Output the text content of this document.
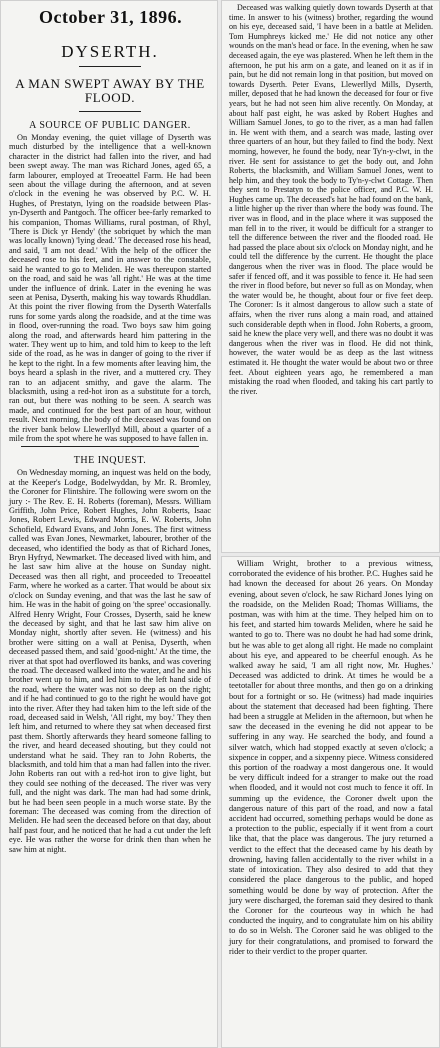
October 31, 1896.
DYSERTH.
A MAN SWEPT AWAY BY THE FLOOD.
A SOURCE OF PUBLIC DANGER.

On Monday evening, the quiet village of Dyserth was much disturbed by the intelligence that a well-known character in the district had fallen into the river, and had been swept away. The man was Richard Jones, aged 65, a farm labourer, employed at Treoeattel Farm. He had been seen about the village during the afternoon, and at seven o'clock in the evening he was observed by P.C. W. H. Hughes, of Prestatyn, lying on the roadside between Plas-yn-Dyserth and Pantgoch. The officer bee-farly remarked to his companion, Thomas Williams, rural postman, of Rhyl, 'There is Dick yr Hendy' (the sobriquet by which the man was locally known) 'lying dead.' The deceased rose his head, and said, 'I am not dead.' With the help of the officer the deceased rose to his feet, and in answer to the constable, said he wanted to go to Meliden. He was thereupon started on the road, and said he was 'all right.' He was at the time under the influence of drink. Later in the evening he was seen at Penisa, Dyserth, making his way towards Rhuddlan. At this point the river flowing from the Dyserth Waterfalls runs for some yards along the roadside, and at the time was in flood, over-running the road. Two boys saw him going along the road, and afterwards heard him pattering in the water. They went up to him, and told him to keep to the left side of the road, as he was in danger of going to the river if he kept to the right. In a few moments after leaving him, the boys heard a splash in the river, and a muttered cry. They ran to an adjacent smithy, and gave the alarm. The blacksmith, using a red-hot iron as a substitute for a torch, ran out, but there was nothing to be seen. A search was made, and continued for the best part of an hour, without result. Next morning, the body of the deceased was found on the river bank below Llewerllyd Mill, about a quarter of a mile from the spot where he was supposed to have fallen in.

THE INQUEST.

On Wednesday morning, an inquest was held on the body, at the Keeper's Lodge, Bodelwyddan, by Mr. R. Bromley, the Coroner for Flintshire. The following were sworn on the jury :- The Rev. E. H. Roberts (foreman), Messrs. William Griffith, John Price, Robert Hughes, John Roberts, Isaac Jones, Robert Lewis, Edward Morris, E. W. Roberts, John Schofield, Edward Evans, and John Jones. The first witness called was Evan Jones, Newmarket, labourer, brother of the deceased, who identified the body as that of Richard Jones, Bryn Hyfryd, Newmarket. The deceased lived with him, and he last saw him alive at the house on Sunday night. Deceased was then all right, and proceeded to Treoeattel Farm, where he worked as a carter. That would be about six o'clock on Sunday evening, and that was the last he saw of him. He was in the habit of going on 'the spree' occasionally. Alfred Henry Wright, Four Crosses, Dyserth, said he knew the deceased by sight, and that he last saw him alive on Monday night, shortly after seven. He (witness) and his brother were sitting on a wall at Penisa, Dyserth, when deceased passed them, and said 'good-night.' At the time, the river at that spot had overflowed its banks, and was covering the road. The deceased walked into the water, and he and his brother went up to him, and led him to the left hand side of the road, where the water was not so deep as on the right; and if he had continued to go to the right he would have got into the river. After they had taken him to the left side of the road, deceased said in Welsh, 'All right, my boy.' They then left him, and returned to where they sat when deceased first past them. Shortly afterwards they heard someone falling to the river, and heard deceased shouting, but they could not understand what he said. They ran to John Roberts, the blacksmith, and told him that a man had fallen into the river. John Roberts ran out with a red-hot iron to give light, but they could see nothing of the deceased. The river was very full, and the night was dark. The man had had some drink, but he had been seen people in a much worse state. By the foreman: The deceased was coming from the direction of Meliden. He had seen the deceased before on that day, about half past four, and he noticed that he had a cut under the left eye. He was rather the worse for drink then than when he saw him at night.

Deceased was walking quietly down towards Dyserth at that time. In answer to his (witness) brother, regarding the wound on his eye, deceased said, 'I have been in a battle at Meliden. Tom Humphreys kicked me.' He did not notice any other wounds on the man's head or face. In the evening, when he saw deceased again, the eye was plastered. When he left them in the afternoon, he put his arm on a gate, and leaned on it as if in pain, but he did not remain long in that position, but moved on towards Dyserth. Peter Evans, Llewerllyd Mills, Dyserth, miller, deposed that he had known the deceased for four or five years, but he had not seen him alive recently. On Monday, at about half past eight, he was asked by Robert Hughes and William Samuel Jones, to go to the river, as a man had fallen in. He went with them, and a search was made, lasting over three quarters of an hour, but they failed to find the body. Next morning, however, he found the body, near Ty'n-y-clwt, in the river. He sent for assistance to get the body out, and John Roberts, the blacksmith, and William Samuel Jones, went to help him, and they took the body to Ty'n-y-clwt Cottage. Then they sent to Prestatyn to the police officer, and P.C. W. H. Hughes came up. The deceased's hat he had found on the bank, a little higher up the river than where the body was found. The river was in flood, and in the place where it was supposed the man fell in to the river, it would be difficult for a stranger to tell the difference between the river and the flooded road. He had passed the place about six o'clock on Monday night, and he could tell the difference by the current. He thought the place dangerous when the river was in flood. The place would be safer if fenced off, and it was possible to fence it. He had seen the river in flood before, but never so full as on Monday, when the water would be, he thought, about four or five feet deep. The Coroner: Is it almost dangerous to allow such a state of affairs, when the river runs along a main road, and attained such considerable depth when in flood. John Roberts, a groom, said he knew the place very well, and there was no doubt it was dangerous when the river was in flood. He did not think, however, the water would be as deep as the last witness estimated it. He thought the water would be about two or three feet. About eighteen years ago, he remembered a man mistaking the road when flooded, and taking his cart partly to the river.

William Wright, brother to a previous witness, corroborated the evidence of his brother. P.C. Hughes said he had known the deceased for about 26 years. On Monday evening, about seven o'clock, he saw Richard Jones lying on the roadside, on the Meliden Road; Thomas Williams, the postman, was with him at the time. They helped him on to his feet, and started him towards Meliden, where he said he wanted to go to. There was no doubt he had had some drink, but he was able to get along all right. He made no complaint about his eye, and appeared to be cheerful enough. As he walked away he said, 'I am all right now, Mr. Hughes.' Deceased was addicted to drink. At times he would be a teetotaller for about three months, and then go on a drinking bout for a fortnight or so. He (witness) had made inquiries about the statement that deceased had been fighting. There had been a struggle at Meliden in the afternoon, but when he saw the deceased in the evening he did not appear to be suffering in any way. He searched the body, and found a silver watch, which had stopped exactly at seven o'clock; a sixpence in copper, and a sixpenny piece. Witness considered this portion of the roadway a most dangerous one. It would be very difficult indeed for a stranger to make out the road when flooded, and it would not cost much to fence it off. In summing up the evidence, the Coroner dwelt upon the dangerous nature of this part of the road, and now a fatal accident had occurred, something perhaps would be done as a protection to the public, especially if it went from a court like that, that the place was dangerous. The jury returned a verdict to the effect that the deceased came by his death by drowning, having fallen accidentally to the river whilst in a state of intoxication. They also desired to add that they considered the place dangerous to the public, and hoped something would be done by way of protection. After the jury were discharged, the foreman said they desired to thank the Coroner for the courteous way in which he had conducted the inquiry, and to congratulate him on his ability to do so in Welsh. The Coroner said he was obliged to the jury for their congratulations, and promised to forward the rider to their verdict to the proper quarter.
